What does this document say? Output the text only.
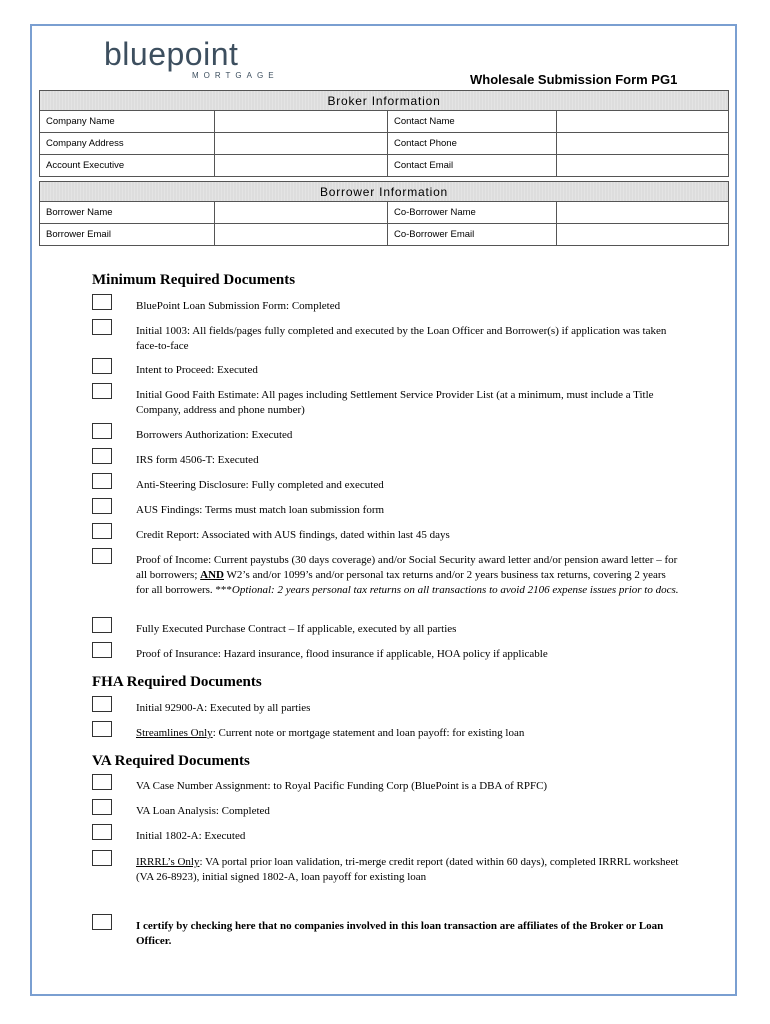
bluepoint
MORTGAGE	Wholesale Submission Form PG1
Broker Information			
Company Name		Contact Name	
Company Address		Contact Phone	
Account Executive		Contact Email	
Borrower Information			
Borrower Name		Co-Borrower Name	
Borrower Email		Co-Borrower Email	
Minimum Required Documents
BluePoint Loan Submission Form: Completed
Initial 1003: All fields/pages fully completed and executed by the Loan Officer and Borrower(s) if application was taken face-to-face
Intent to Proceed: Executed
Initial Good Faith Estimate: All pages including Settlement Service Provider List (at a minimum, must include a Title Company, address and phone number)
Borrowers Authorization: Executed
IRS form 4506-T: Executed
Anti-Steering Disclosure: Fully completed and executed
AUS Findings: Terms must match loan submission form
Credit Report: Associated with AUS findings, dated within last 45 days
Proof of Income: Current paystubs (30 days coverage) and/or Social Security award letter and/or pension award letter – for all borrowers; AND W2’s and/or 1099’s and/or personal tax returns and/or 2 years business tax returns, covering 2 years for all borrowers. ***Optional: 2 years personal tax returns on all transactions to avoid 2106 expense issues prior to docs.
Fully Executed Purchase Contract – If applicable, executed by all parties
Proof of Insurance: Hazard insurance, flood insurance if applicable, HOA policy if applicable
FHA Required Documents
Initial 92900-A: Executed by all parties
Streamlines Only: Current note or mortgage statement and loan payoff: for existing loan
VA Required Documents
VA Case Number Assignment: to Royal Pacific Funding Corp (BluePoint is a DBA of RPFC)
VA Loan Analysis: Completed
Initial 1802-A: Executed
IRRRL’s Only: VA portal prior loan validation, tri-merge credit report (dated within 60 days), completed IRRRL worksheet (VA 26-8923), initial signed 1802-A, loan payoff for existing loan
I certify by checking here that no companies involved in this loan transaction are affiliates of the Broker or Loan Officer.
